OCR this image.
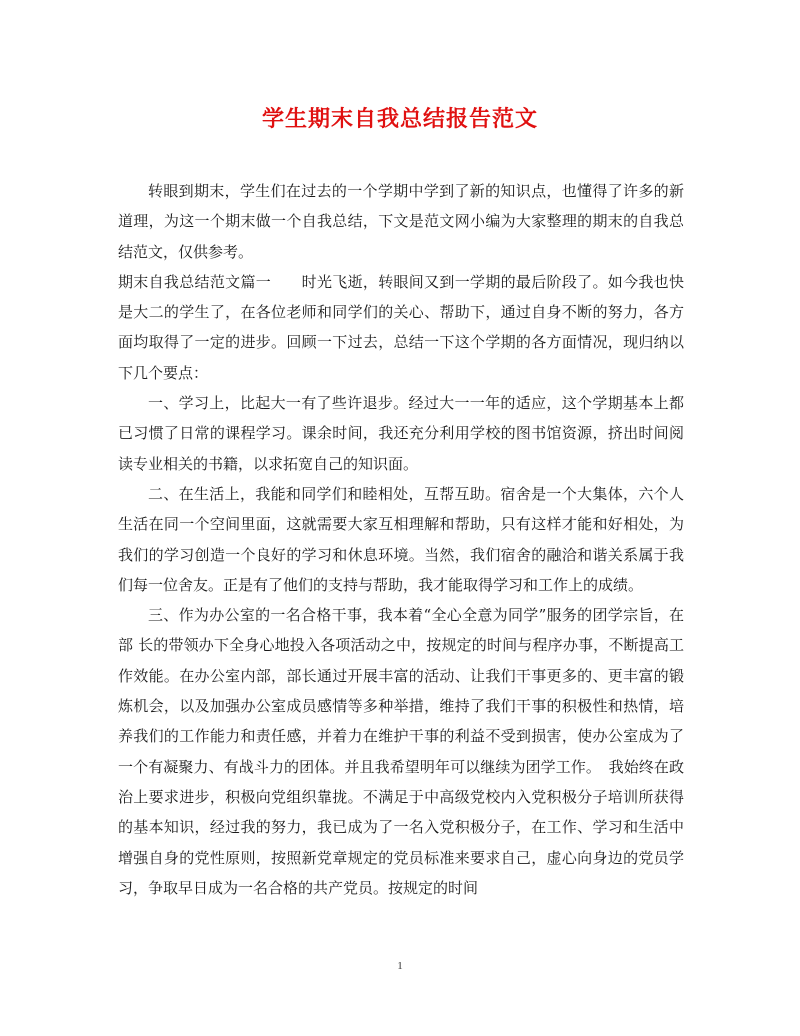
学生期末自我总结报告范文

转眼到期末，学生们在过去的一个学期中学到了新的知识点，也懂得了许多的新道理，为这一个期末做一个自我总结，下文是范文网小编为大家整理的期末的自我总结范文，仅供参考。

期末自我总结范文篇一　　时光飞逝，转眼间又到一学期的最后阶段了。如今我也快是大二的学生了，在各位老师和同学们的关心、帮助下，通过自身不断的努力，各方面均取得了一定的进步。回顾一下过去，总结一下这个学期的各方面情况，现归纳以下几个要点：

一、学习上，比起大一有了些许退步。经过大一一年的适应，这个学期基本上都已习惯了日常的课程学习。课余时间，我还充分利用学校的图书馆资源，挤出时间阅读专业相关的书籍，以求拓宽自己的知识面。

二、在生活上，我能和同学们和睦相处，互帮互助。宿舍是一个大集体，六个人生活在同一个空间里面，这就需要大家互相理解和帮助，只有这样才能和好相处，为我们的学习创造一个良好的学习和休息环境。当然，我们宿舍的融洽和谐关系属于我们每一位舍友。正是有了他们的支持与帮助，我才能取得学习和工作上的成绩。

三、作为办公室的一名合格干事，我本着“全心全意为同学”服务的团学宗旨，在部 长的带领办下全身心地投入各项活动之中，按规定的时间与程序办事，不断提高工作效能。在办公室内部，部长通过开展丰富的活动、让我们干事更多的、更丰富的锻炼机会，以及加强办公室成员感情等多种举措，维持了我们干事的积极性和热情，培养我们的工作能力和责任感，并着力在维护干事的利益不受到损害，使办公室成为了一个有凝聚力、有战斗力的团体。并且我希望明年可以继续为团学工作。　我始终在政治上要求进步，积极向党组织靠拢。不满足于中高级党校内入党积极分子培训所获得的基本知识，经过我的努力，我已成为了一名入党积极分子，在工作、学习和生活中增强自身的党性原则，按照新党章规定的党员标准来要求自己，虚心向身边的党员学习，争取早日成为一名合格的共产党员。按规定的时间

1
